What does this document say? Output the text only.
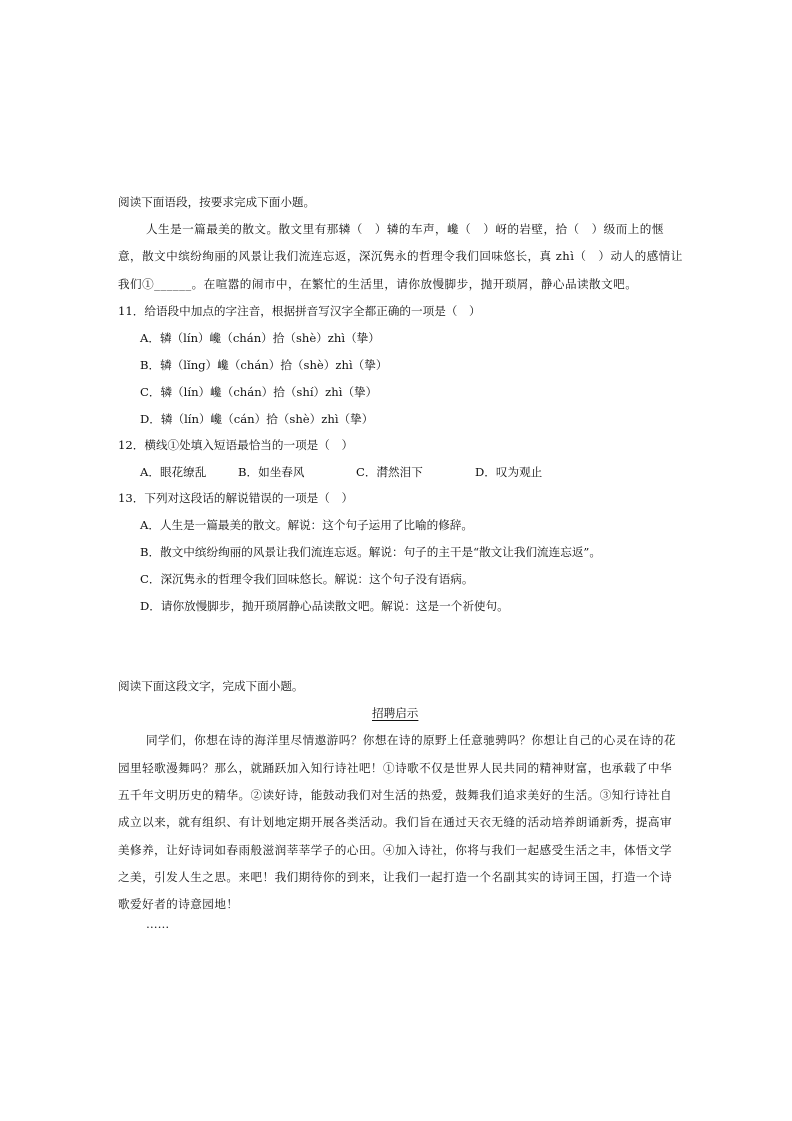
阅读下面语段，按要求完成下面小题。
人生是一篇最美的散文。散文里有那辚（　）辚的车声，巉（　）岈的岩壁，拾（　）级而上的惬
意，散文中缤纷绚丽的风景让我们流连忘返，深沉隽永的哲理令我们回味悠长，真 zhì（　）动人的感情让
我们①______。在喧嚣的闹市中，在繁忙的生活里，请你放慢脚步，抛开琐屑，静心品读散文吧。
11．给语段中加点的字注音，根据拼音写汉字全都正确的一项是（　）
A．辚（lín）巉（chán）拾（shè）zhì（挚）
B．辚（lǐng）巉（chán）拾（shè）zhì（挚）
C．辚（lín）巉（chán）拾（shí）zhì（挚）
D．辚（lín）巉（cán）拾（shè）zhì（挚）
12．横线①处填入短语最恰当的一项是（　）
A．眼花缭乱	B．如坐春风	C．潸然泪下	D．叹为观止
13．下列对这段话的解说错误的一项是（　）
A．人生是一篇最美的散文。解说：这个句子运用了比喻的修辞。
B．散文中缤纷绚丽的风景让我们流连忘返。解说：句子的主干是“散文让我们流连忘返”。
C．深沉隽永的哲理令我们回味悠长。解说：这个句子没有语病。
D．请你放慢脚步，抛开琐屑静心品读散文吧。解说：这是一个祈使句。
阅读下面这段文字，完成下面小题。
招聘启示
同学们，你想在诗的海洋里尽情遨游吗？你想在诗的原野上任意驰骋吗？你想让自己的心灵在诗的花
园里轻歌漫舞吗？那么，就踊跃加入知行诗社吧！①诗歌不仅是世界人民共同的精神财富，也承载了中华
五千年文明历史的精华。②读好诗，能鼓动我们对生活的热爱，鼓舞我们追求美好的生活。③知行诗社自
成立以来，就有组织、有计划地定期开展各类活动。我们旨在通过天衣无缝的活动培养朗诵新秀，提高审
美修养，让好诗词如春雨般滋润莘莘学子的心田。④加入诗社，你将与我们一起感受生活之丰，体悟文学
之美，引发人生之思。来吧！我们期待你的到来，让我们一起打造一个名副其实的诗词王国，打造一个诗
歌爱好者的诗意园地！
……
